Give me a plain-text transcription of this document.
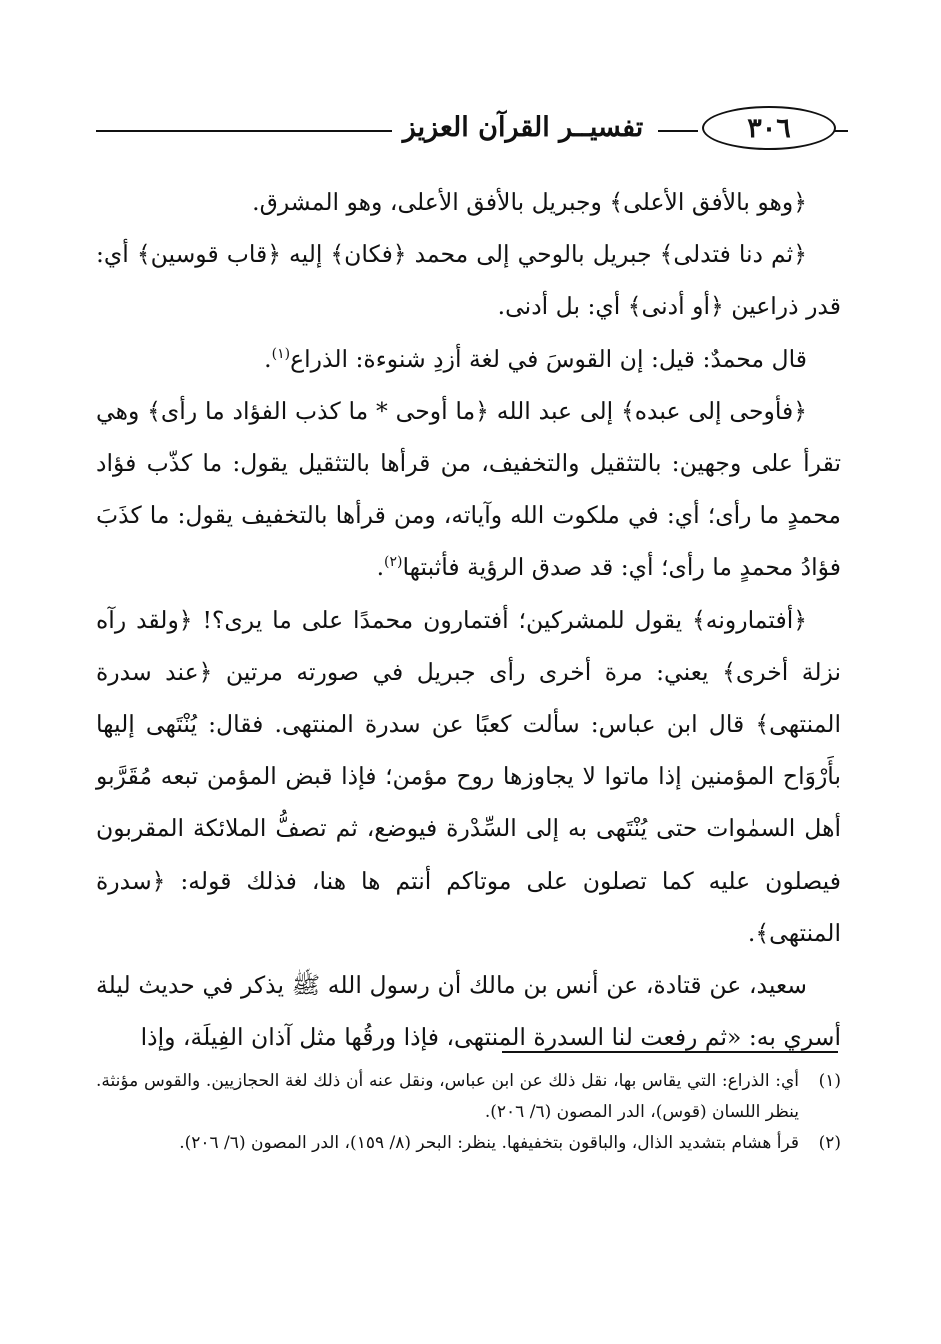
٣٠٦
تفسيــر القرآن العزيز

﴿وهو بالأفق الأعلى﴾ وجبريل بالأفق الأعلى، وهو المشرق.

﴿ثم دنا فتدلى﴾ جبريل بالوحي إلى محمد ﴿فكان﴾ إليه ﴿قاب قوسين﴾ أي: قدر ذراعين ﴿أو أدنى﴾ أي: بل أدنى.

قال محمدٌ: قيل: إن القوسَ في لغة أزدِ شنوءة: الذراع$^{(١)}$.

﴿فأوحى إلى عبده﴾ إلى عبد الله ﴿ما أوحى * ما كذب الفؤاد ما رأى﴾ وهي تقرأ على وجهين: بالتثقيل والتخفيف، من قرأها بالتثقيل يقول: ما كذّب فؤاد محمدٍ ما رأى؛ أي: في ملكوت الله وآياته، ومن قرأها بالتخفيف يقول: ما كذَبَ فؤادُ محمدٍ ما رأى؛ أي: قد صدق الرؤية فأثبتها$^{(٢)}$.

﴿أفتمارونه﴾ يقول للمشركين؛ أفتمارون محمدًا على ما يرى؟! ﴿ولقد رآه نزلة أخرى﴾ يعني: مرة أخرى رأى جبريل في صورته مرتين ﴿عند سدرة المنتهى﴾ قال ابن عباس: سألت كعبًا عن سدرة المنتهى. فقال: يُنْتَهى إليها بأَرْوَاح المؤمنين إذا ماتوا لا يجاوزها روح مؤمن؛ فإذا قبض المؤمن تبعه مُقَرَّبو أهل السمٰوات حتى يُنْتَهى به إلى السِّدْرة فيوضع، ثم تصفُّ الملائكة المقربون فيصلون عليه كما تصلون على موتاكم أنتم ها هنا، فذلك قوله: ﴿سدرة المنتهى﴾.

سعيد، عن قتادة، عن أنس بن مالك أن رسول الله ﷺ يذكر في حديث ليلة أسري به: «ثم رفعت لنا السدرة المنتهى، فإذا ورقُها مثل آذان الفِيلَة، وإذا

(١)
أي: الذراع: التي يقاس بها، نقل ذلك عن ابن عباس، ونقل عنه أن ذلك لغة الحجازيين. والقوس مؤنثة. ينظر اللسان (قوس)، الدر المصون (٦/ ٢٠٦).
(٢)
قرأ هشام بتشديد الذال، والباقون بتخفيفها. ينظر: البحر (٨/ ١٥٩)، الدر المصون (٦/ ٢٠٦).
